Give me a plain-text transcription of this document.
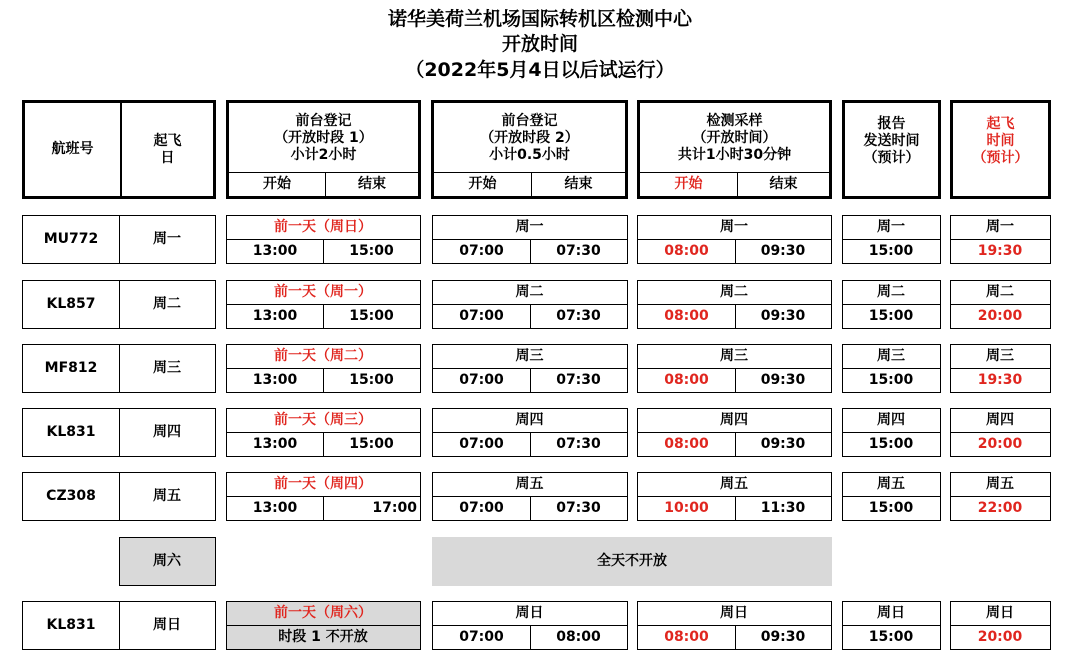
诺华美荷兰机场国际转机区检测中心
开放时间
（2022年5月4日以后试运行）
航班号
起飞
日
前台登记
（开放时段 1）
小计2小时
开始	结束
前台登记
（开放时段 2）
小计0.5小时
开始	结束
检测采样
（开放时间）
共计1小时30分钟
开始	结束
报告
发送时间
（预计）
起飞
时间
（预计）
MU772	周一
前一天（周日）
13:00	15:00
周一
07:00	07:30
周一
08:00	09:30
周一
15:00
周一
19:30
KL857	周二
前一天（周一）
13:00	15:00
周二
07:00	07:30
周二
08:00	09:30
周二
15:00
周二
20:00
MF812	周三
前一天（周二）
13:00	15:00
周三
07:00	07:30
周三
08:00	09:30
周三
15:00
周三
19:30
KL831	周四
前一天（周三）
13:00	15:00
周四
07:00	07:30
周四
08:00	09:30
周四
15:00
周四
20:00
CZ308	周五
前一天（周四）
13:00	17:00
周五
07:00	07:30
周五
10:00	11:30
周五
15:00
周五
22:00
周六	全天不开放
KL831	周日
前一天（周六）
时段 1 不开放
周日
07:00	08:00
周日
08:00	09:30
周日
15:00
周日
20:00
